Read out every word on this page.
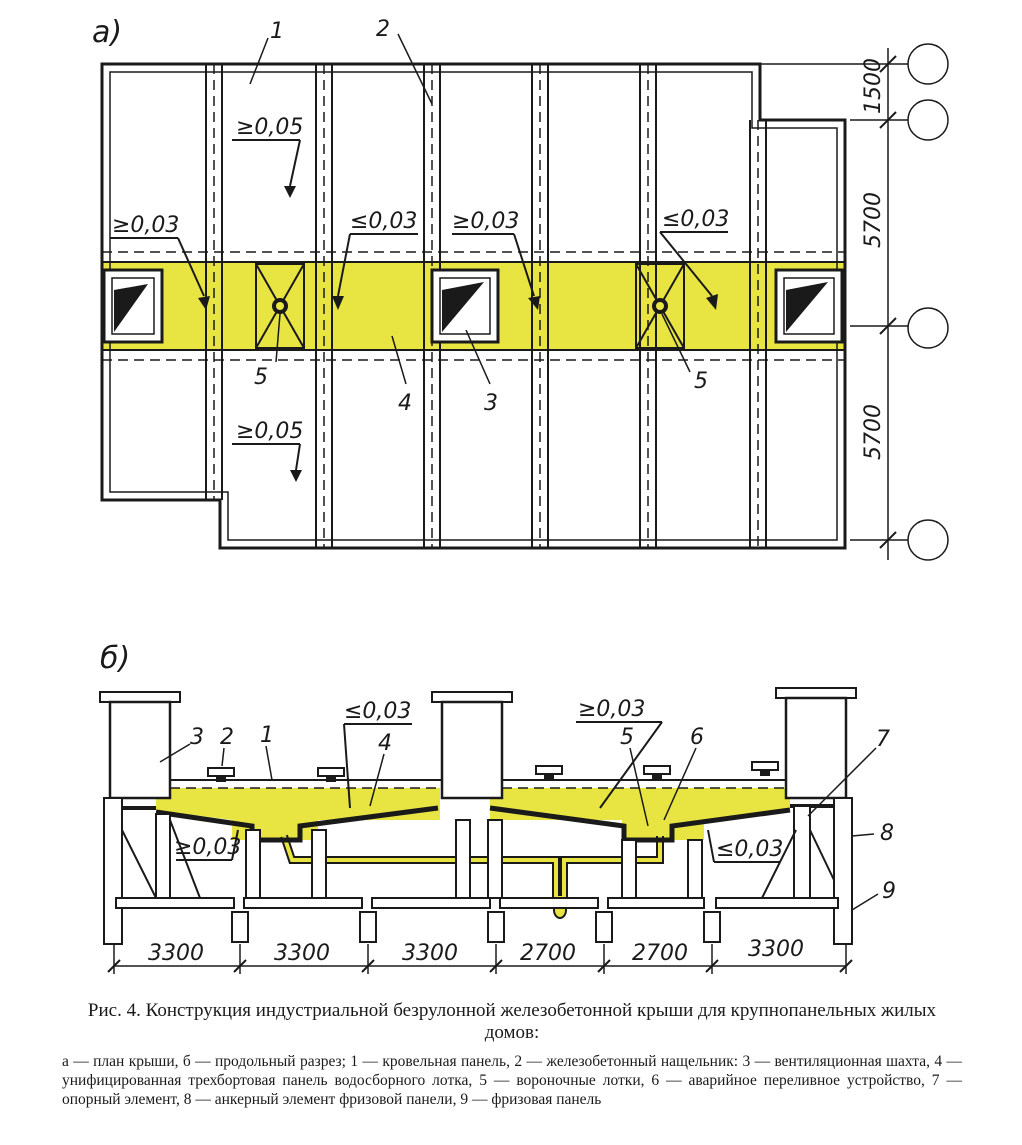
а)
≥0,05
≥0,03	≤0,03 ≥0,03	≤0,03
≥0,05
1	2
3
4
5	5
1500
5700
5700
б)
≤0,03	≥0,03
≥0,03	≤0,03
3 2 1	4	5	6	7
8
9
3300	3300	3300	2700	2700	3300

Рис. 4. Конструкция индустриальной безрулонной железобетонной крыши для крупнопанельных жилых домов:

а — план крыши, б — продольный разрез; 1 — кровельная панель, 2 — железобетонный нащельник: 3 — вентиляционная шахта, 4 — унифицированная трехбортовая панель водосборного лотка, 5 — вороночные лотки, 6 — аварийное переливное устройство, 7 — опорный элемент, 8 — анкерный элемент фризовой панели, 9 — фризовая панель
